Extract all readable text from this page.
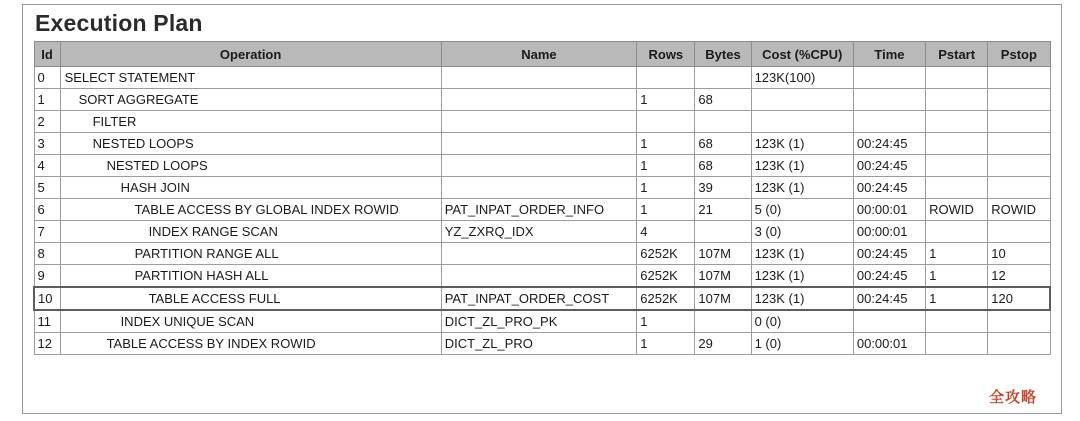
Execution Plan
Id	Operation	Name	Rows	Bytes	Cost (%CPU)	Time	Pstart	Pstop
0	SELECT STATEMENT				123K(100)			
1	SORT AGGREGATE		1	68				
2	FILTER							
3	NESTED LOOPS		1	68	123K (1)	00:24:45		
4	NESTED LOOPS		1	68	123K (1)	00:24:45		
5	HASH JOIN		1	39	123K (1)	00:24:45		
6	TABLE ACCESS BY GLOBAL INDEX ROWID	PAT_INPAT_ORDER_INFO	1	21	5 (0)	00:00:01	ROWID	ROWID
7	INDEX RANGE SCAN	YZ_ZXRQ_IDX	4		3 (0)	00:00:01		
8	PARTITION RANGE ALL		6252K	107M	123K (1)	00:24:45	1	10
9	PARTITION HASH ALL		6252K	107M	123K (1)	00:24:45	1	12
10	TABLE ACCESS FULL	PAT_INPAT_ORDER_COST	6252K	107M	123K (1)	00:24:45	1	120
11	INDEX UNIQUE SCAN	DICT_ZL_PRO_PK	1		0 (0)			
12	TABLE ACCESS BY INDEX ROWID	DICT_ZL_PRO	1	29	1 (0)	00:00:01		
全攻略
